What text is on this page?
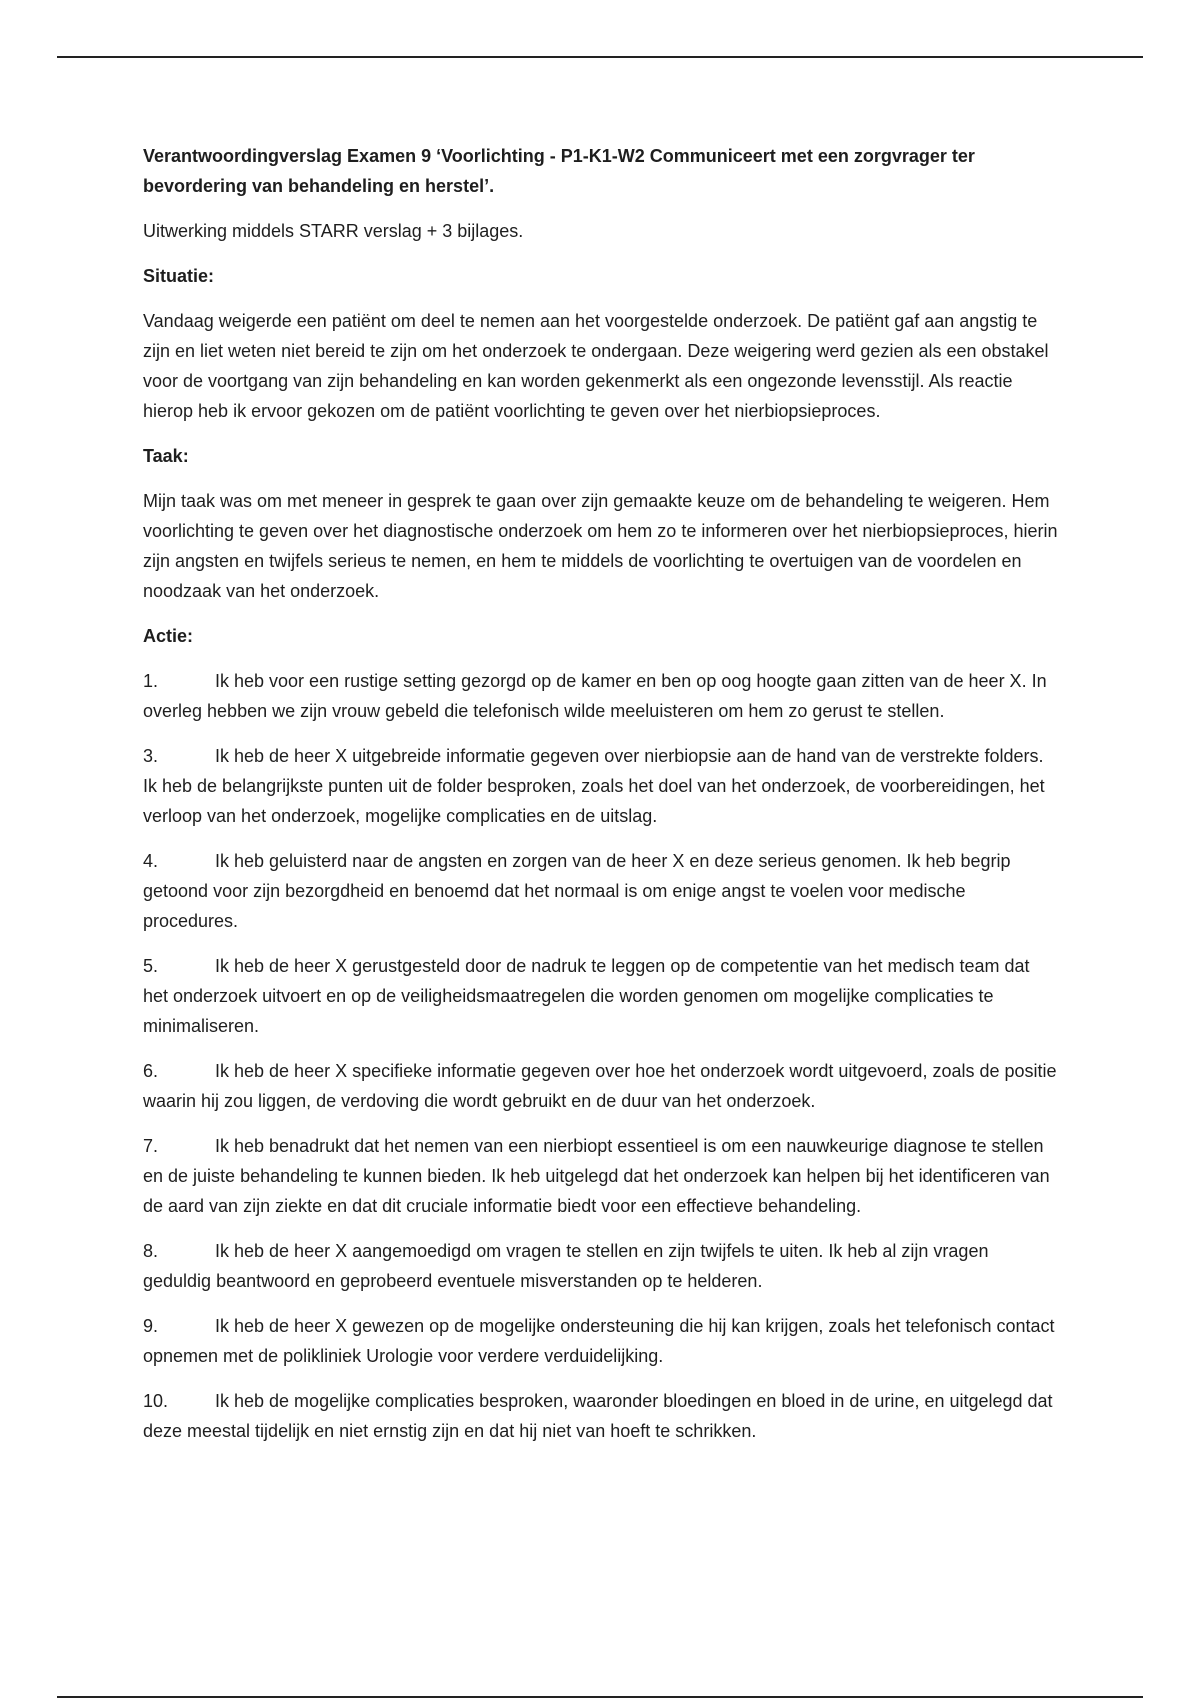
Verantwoordingverslag Examen 9 ‘Voorlichting - P1-K1-W2 Communiceert met een zorgvrager ter bevordering van behandeling en herstel’.

Uitwerking middels STARR verslag + 3 bijlages.

Situatie:

Vandaag weigerde een patiënt om deel te nemen aan het voorgestelde onderzoek. De patiënt gaf aan angstig te zijn en liet weten niet bereid te zijn om het onderzoek te ondergaan. Deze weigering werd gezien als een obstakel voor de voortgang van zijn behandeling en kan worden gekenmerkt als een ongezonde levensstijl. Als reactie hierop heb ik ervoor gekozen om de patiënt voorlichting te geven over het nierbiopsieproces.

Taak:

Mijn taak was om met meneer in gesprek te gaan over zijn gemaakte keuze om de behandeling te weigeren. Hem voorlichting te geven over het diagnostische onderzoek om hem zo te informeren over het nierbiopsieproces, hierin zijn angsten en twijfels serieus te nemen, en hem te middels de voorlichting te overtuigen van de voordelen en noodzaak van het onderzoek.

Actie:

1.	Ik heb voor een rustige setting gezorgd op de kamer en ben op oog hoogte gaan zitten van de heer X. In overleg hebben we zijn vrouw gebeld die telefonisch wilde meeluisteren om hem zo gerust te stellen.

3.	Ik heb de heer X uitgebreide informatie gegeven over nierbiopsie aan de hand van de verstrekte folders. Ik heb de belangrijkste punten uit de folder besproken, zoals het doel van het onderzoek, de voorbereidingen, het verloop van het onderzoek, mogelijke complicaties en de uitslag.

4.	Ik heb geluisterd naar de angsten en zorgen van de heer X en deze serieus genomen. Ik heb begrip getoond voor zijn bezorgdheid en benoemd dat het normaal is om enige angst te voelen voor medische procedures.

5.	Ik heb de heer X gerustgesteld door de nadruk te leggen op de competentie van het medisch team dat het onderzoek uitvoert en op de veiligheidsmaatregelen die worden genomen om mogelijke complicaties te minimaliseren.

6.	Ik heb de heer X specifieke informatie gegeven over hoe het onderzoek wordt uitgevoerd, zoals de positie waarin hij zou liggen, de verdoving die wordt gebruikt en de duur van het onderzoek.

7.	Ik heb benadrukt dat het nemen van een nierbiopt essentieel is om een nauwkeurige diagnose te stellen en de juiste behandeling te kunnen bieden. Ik heb uitgelegd dat het onderzoek kan helpen bij het identificeren van de aard van zijn ziekte en dat dit cruciale informatie biedt voor een effectieve behandeling.

8.	Ik heb de heer X aangemoedigd om vragen te stellen en zijn twijfels te uiten. Ik heb al zijn vragen geduldig beantwoord en geprobeerd eventuele misverstanden op te helderen.

9.	Ik heb de heer X gewezen op de mogelijke ondersteuning die hij kan krijgen, zoals het telefonisch contact opnemen met de polikliniek Urologie voor verdere verduidelijking.

10.	Ik heb de mogelijke complicaties besproken, waaronder bloedingen en bloed in de urine, en uitgelegd dat deze meestal tijdelijk en niet ernstig zijn en dat hij niet van hoeft te schrikken.
